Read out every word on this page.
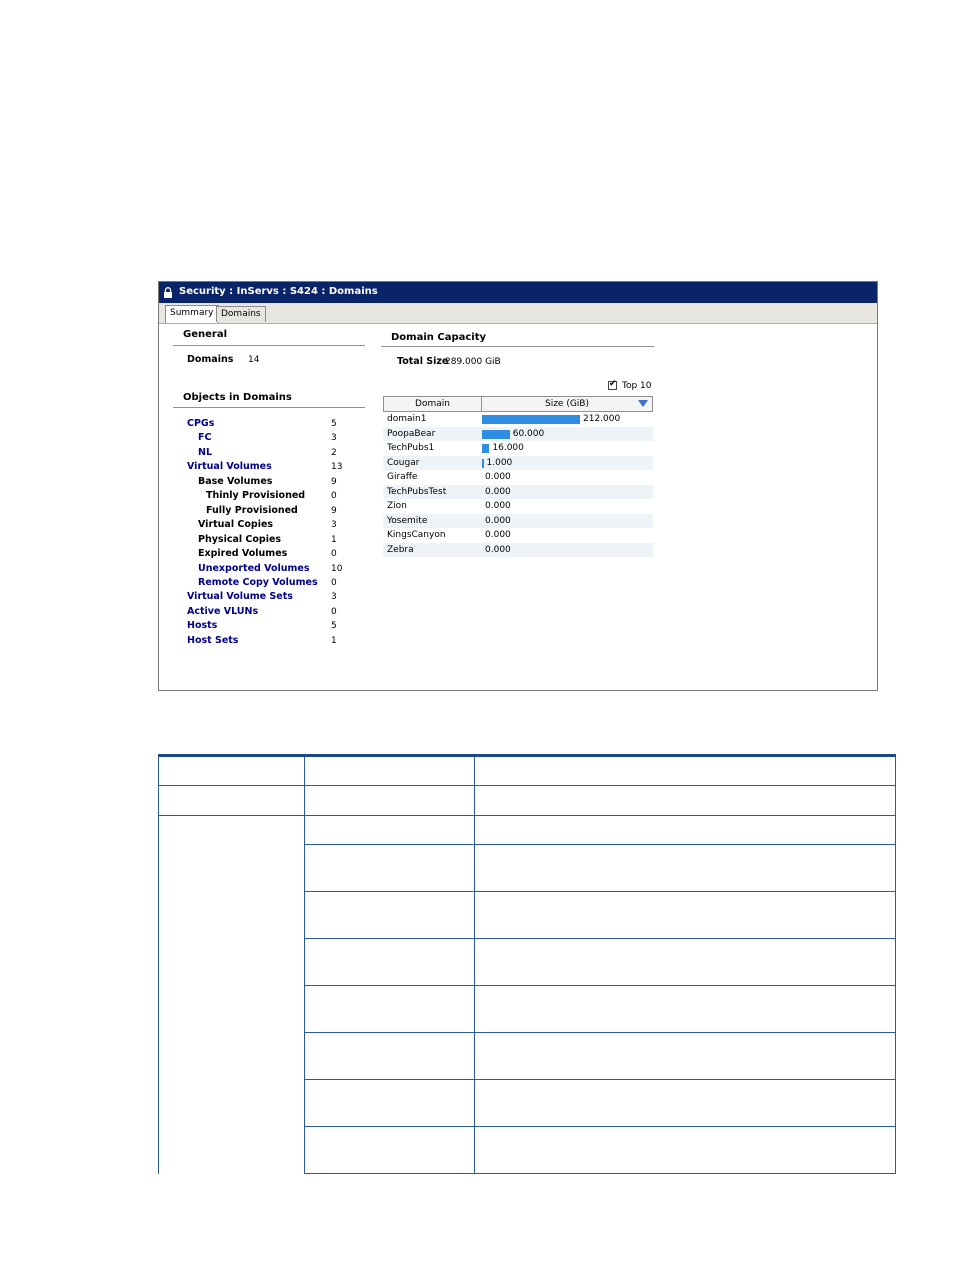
Security : InServs : S424 : Domains
Summary Domains
General
Domains 14
Objects in Domains
CPGs	5
FC	3
NL	2
Virtual Volumes	13
Base Volumes	9
Thinly Provisioned	0
Fully Provisioned	9
Virtual Copies	3
Physical Copies	1
Expired Volumes	0
Unexported Volumes 10
Remote Copy Volumes 0
Virtual Volume Sets	3
Active VLUNs	0
Hosts	5
Host Sets	1
Domain Capacity
Total Size
289.000 GiB
✔
Top 10
Domain	Size (GiB)
domain1	212.000
PoopaBear	60.000
TechPubs1	16.000
Cougar	1.000
Giraffe	0.000
TechPubsTest	0.000
Zion	0.000
Yosemite	0.000
KingsCanyon	0.000
Zebra	0.000
